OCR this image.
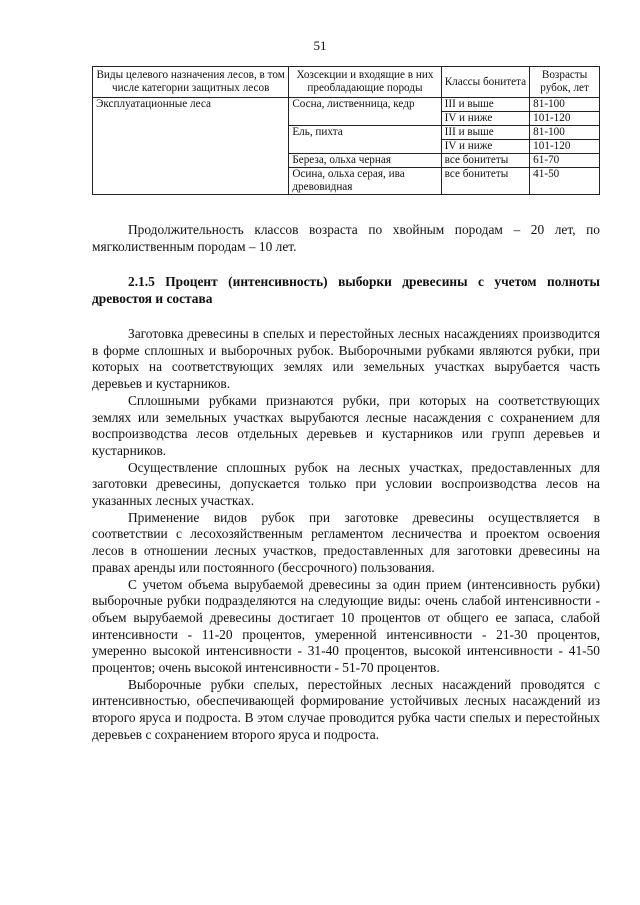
51
Виды целевого назначения лесов, в том числе категории защитных лесов	Хозсекции и входящие в них преобладающие породы	Классы бонитета	Возрасты рубок, лет
Эксплуатационные леса	Сосна, лиственница, кедр	III и выше	81-100
		IV и ниже	101-120
	Ель, пихта	III и выше	81-100
		IV и ниже	101-120
	Береза, ольха черная	все бонитеты	61-70
	Осина, ольха серая, ива древовидная	все бонитеты	41-50

Продолжительность классов возраста по хвойным породам – 20 лет, по мягколиственным породам – 10 лет.

2.1.5 Процент (интенсивность) выборки древесины с учетом полноты древостоя и состава

Заготовка древесины в спелых и перестойных лесных насаждениях производится в форме сплошных и выборочных рубок. Выборочными рубками являются рубки, при которых на соответствующих землях или земельных участках вырубается часть деревьев и кустарников.

Сплошными рубками признаются рубки, при которых на соответствующих землях или земельных участках вырубаются лесные насаждения с сохранением для воспроизводства лесов отдельных деревьев и кустарников или групп деревьев и кустарников.

Осуществление сплошных рубок на лесных участках, предоставленных для заготовки древесины, допускается только при условии воспроизводства лесов на указанных лесных участках.

Применение видов рубок при заготовке древесины осуществляется в соответствии с лесохозяйственным регламентом лесничества и проектом освоения лесов в отношении лесных участков, предоставленных для заготовки древесины на правах аренды или постоянного (бессрочного) пользования.

С учетом объема вырубаемой древесины за один прием (интенсивность рубки) выборочные рубки подразделяются на следующие виды: очень слабой интенсивности - объем вырубаемой древесины достигает 10 процентов от общего ее запаса, слабой интенсивности - 11-20 процентов, умеренной интенсивности - 21-30 процентов, умеренно высокой интенсивности - 31-40 процентов, высокой интенсивности - 41-50 процентов; очень высокой интенсивности - 51-70 процентов.

Выборочные рубки спелых, перестойных лесных насаждений проводятся с интенсивностью, обеспечивающей формирование устойчивых лесных насаждений из второго яруса и подроста. В этом случае проводится рубка части спелых и перестойных деревьев с сохранением второго яруса и подроста.
